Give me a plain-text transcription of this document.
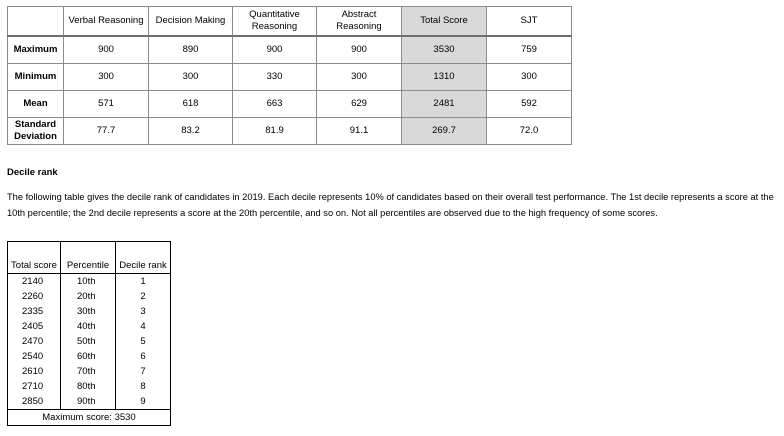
	Verbal Reasoning	Decision Making	Quantitative Reasoning	Abstract Reasoning	Total Score	SJT
Maximum	900	890	900	900	3530	759
Minimum	300	300	330	300	1310	300
Mean	571	618	663	629	2481	592
Standard Deviation	77.7	83.2	81.9	91.1	269.7	72.0
Decile rank

The following table gives the decile rank of candidates in 2019. Each decile represents 10% of candidates based on their overall test performance. The 1st decile represents a score at the 10th percentile; the 2nd decile represents a score at the 20th percentile, and so on. Not all percentiles are observed due to the high frequency of some scores.

Total score	Percentile	Decile rank
2140	10th	1
2260	20th	2
2335	30th	3
2405	40th	4
2470	50th	5
2540	60th	6
2610	70th	7
2710	80th	8
2850	90th	9
Maximum score: 3530		
